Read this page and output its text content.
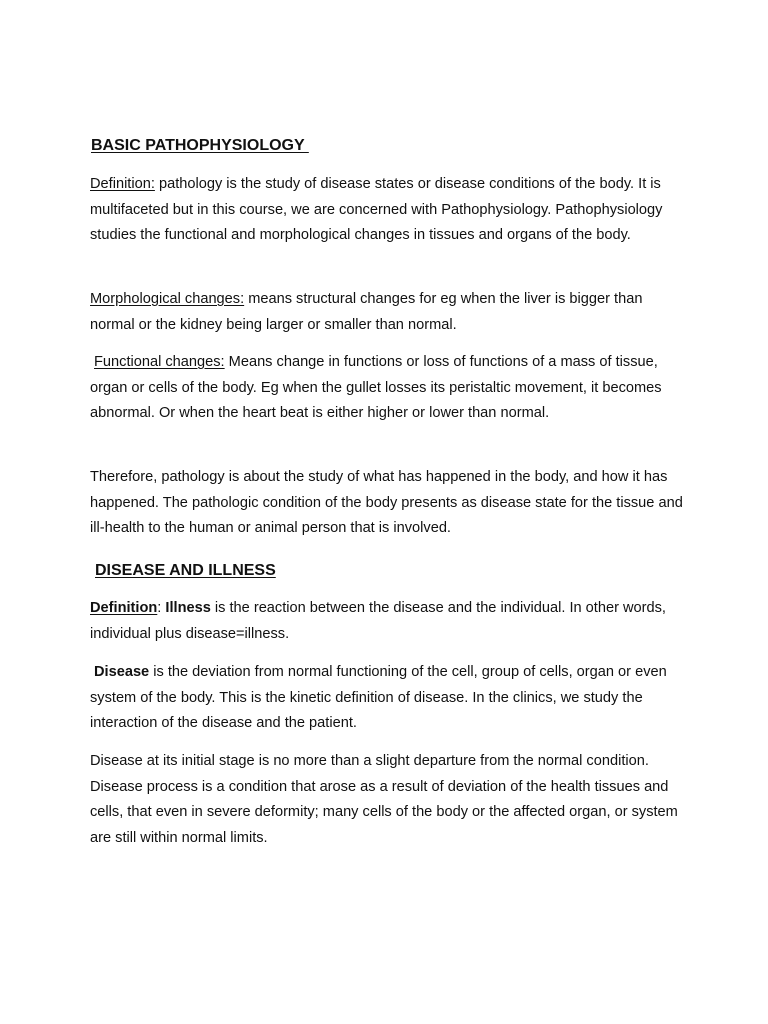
BASIC PATHOPHYSIOLOGY

Definition: pathology is the study of disease states or disease conditions of the body. It is multifaceted but in this course, we are concerned with Pathophysiology. Pathophysiology studies the functional and morphological changes in tissues and organs of the body.

Morphological changes: means structural changes for eg when the liver is bigger than normal or the kidney being larger or smaller than normal.

Functional changes: Means change in functions or loss of functions of a mass of tissue, organ or cells of the body. Eg when the gullet losses its peristaltic movement, it becomes abnormal. Or when the heart beat is either higher or lower than normal.

Therefore, pathology is about the study of what has happened in the body, and how it has happened. The pathologic condition of the body presents as disease state for the tissue and ill-health to the human or animal person that is involved.

DISEASE AND ILLNESS

Definition: Illness is the reaction between the disease and the individual. In other words, individual plus disease=illness.

Disease is the deviation from normal functioning of the cell, group of cells, organ or even system of the body. This is the kinetic definition of disease. In the clinics, we study the interaction of the disease and the patient.

Disease at its initial stage is no more than a slight departure from the normal condition. Disease process is a condition that arose as a result of deviation of the health tissues and cells, that even in severe deformity; many cells of the body or the affected organ, or system are still within normal limits.
